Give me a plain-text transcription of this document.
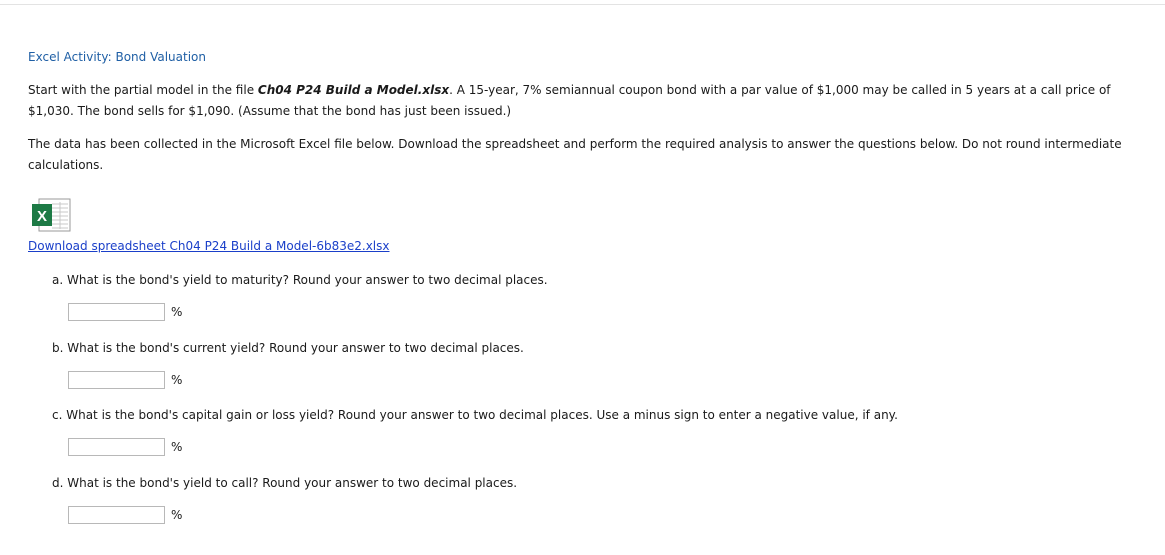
Excel Activity: Bond Valuation
Start with the partial model in the file Ch04 P24 Build a Model.xlsx. A 15-year, 7% semiannual coupon bond with a par value of $1,000 may be called in 5 years at a call price of
$1,030. The bond sells for $1,090. (Assume that the bond has just been issued.)
The data has been collected in the Microsoft Excel file below. Download the spreadsheet and perform the required analysis to answer the questions below. Do not round intermediate
calculations.
X
Download spreadsheet Ch04 P24 Build a Model-6b83e2.xlsx
a. What is the bond's yield to maturity? Round your answer to two decimal places.
%
b. What is the bond's current yield? Round your answer to two decimal places.
%
c. What is the bond's capital gain or loss yield? Round your answer to two decimal places. Use a minus sign to enter a negative value, if any.
%
d. What is the bond's yield to call? Round your answer to two decimal places.
%
